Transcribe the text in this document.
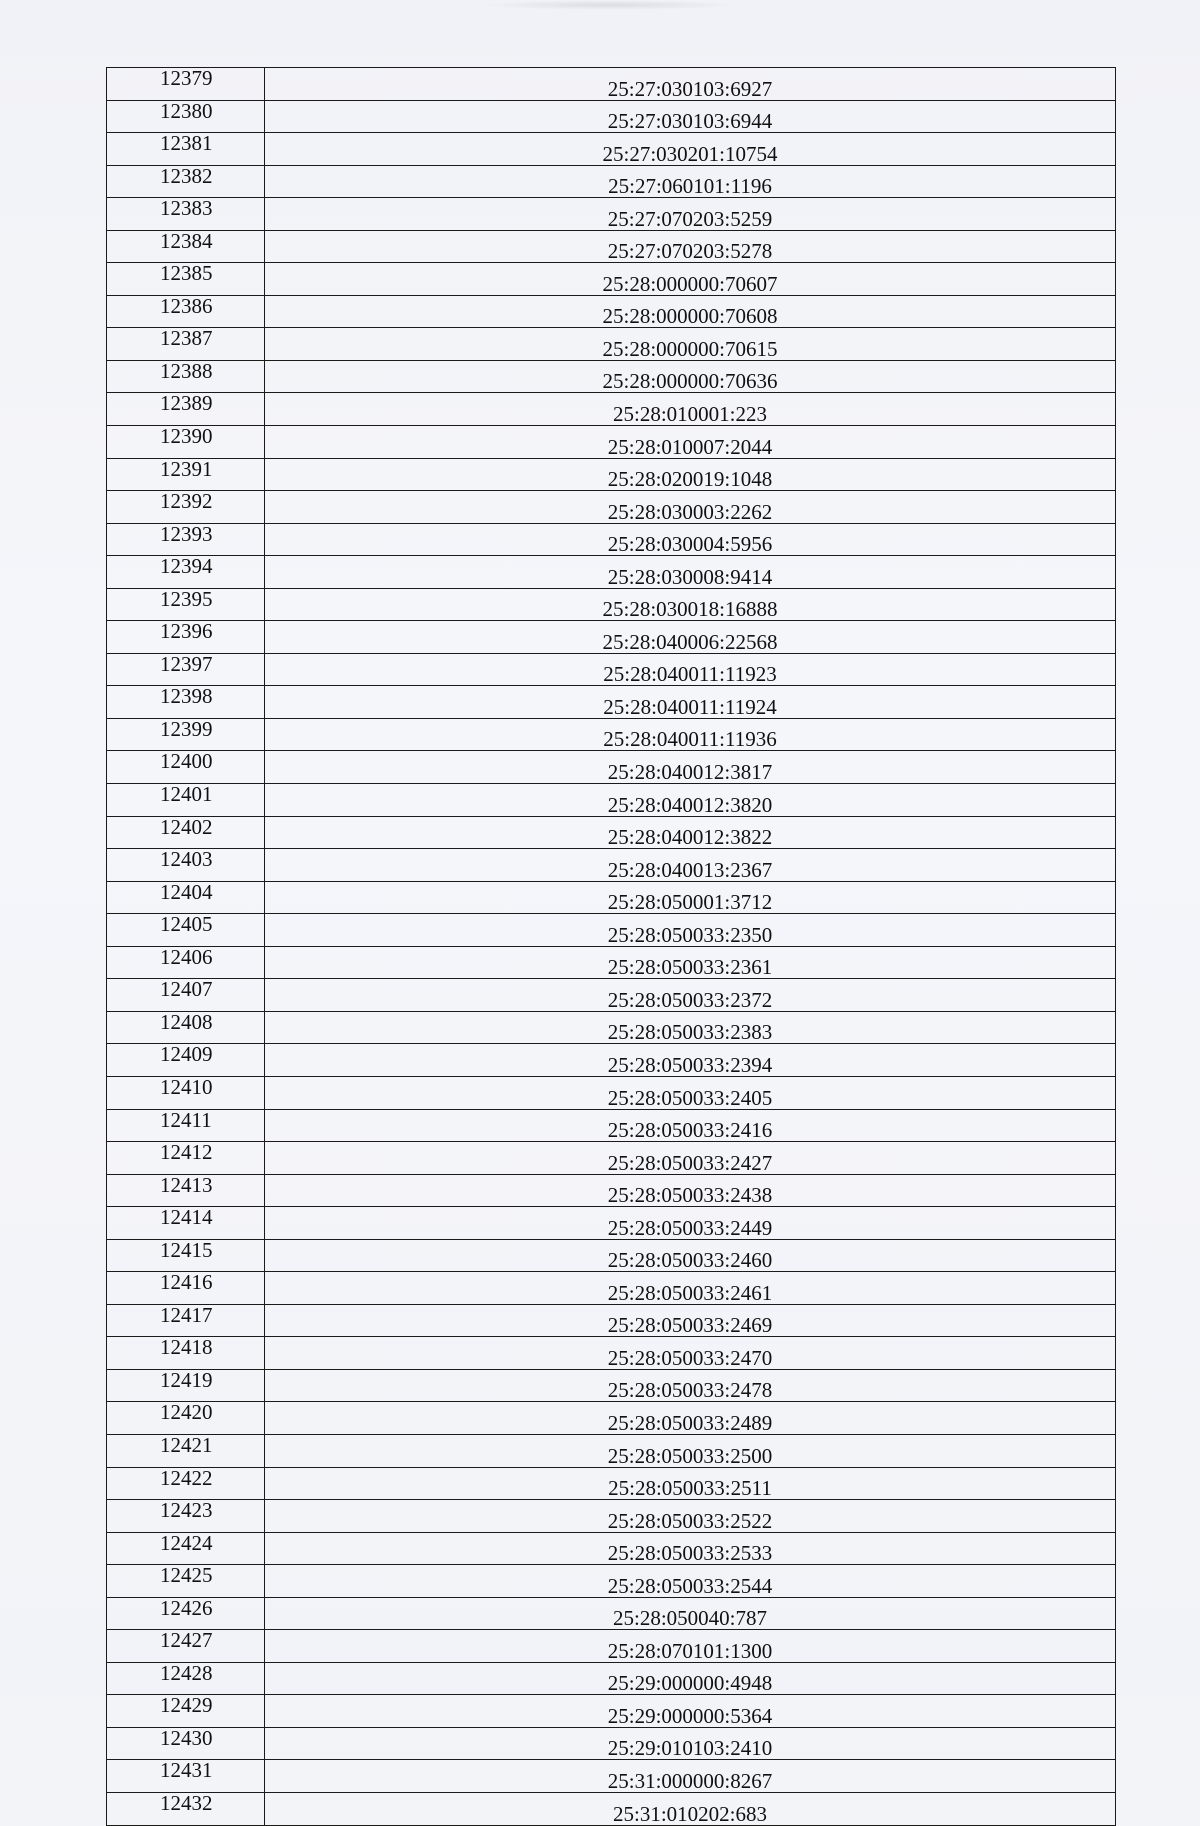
12379	25:27:030103:6927
12380	25:27:030103:6944
12381	25:27:030201:10754
12382	25:27:060101:1196
12383	25:27:070203:5259
12384	25:27:070203:5278
12385	25:28:000000:70607
12386	25:28:000000:70608
12387	25:28:000000:70615
12388	25:28:000000:70636
12389	25:28:010001:223
12390	25:28:010007:2044
12391	25:28:020019:1048
12392	25:28:030003:2262
12393	25:28:030004:5956
12394	25:28:030008:9414
12395	25:28:030018:16888
12396	25:28:040006:22568
12397	25:28:040011:11923
12398	25:28:040011:11924
12399	25:28:040011:11936
12400	25:28:040012:3817
12401	25:28:040012:3820
12402	25:28:040012:3822
12403	25:28:040013:2367
12404	25:28:050001:3712
12405	25:28:050033:2350
12406	25:28:050033:2361
12407	25:28:050033:2372
12408	25:28:050033:2383
12409	25:28:050033:2394
12410	25:28:050033:2405
12411	25:28:050033:2416
12412	25:28:050033:2427
12413	25:28:050033:2438
12414	25:28:050033:2449
12415	25:28:050033:2460
12416	25:28:050033:2461
12417	25:28:050033:2469
12418	25:28:050033:2470
12419	25:28:050033:2478
12420	25:28:050033:2489
12421	25:28:050033:2500
12422	25:28:050033:2511
12423	25:28:050033:2522
12424	25:28:050033:2533
12425	25:28:050033:2544
12426	25:28:050040:787
12427	25:28:070101:1300
12428	25:29:000000:4948
12429	25:29:000000:5364
12430	25:29:010103:2410
12431	25:31:000000:8267
12432	25:31:010202:683
